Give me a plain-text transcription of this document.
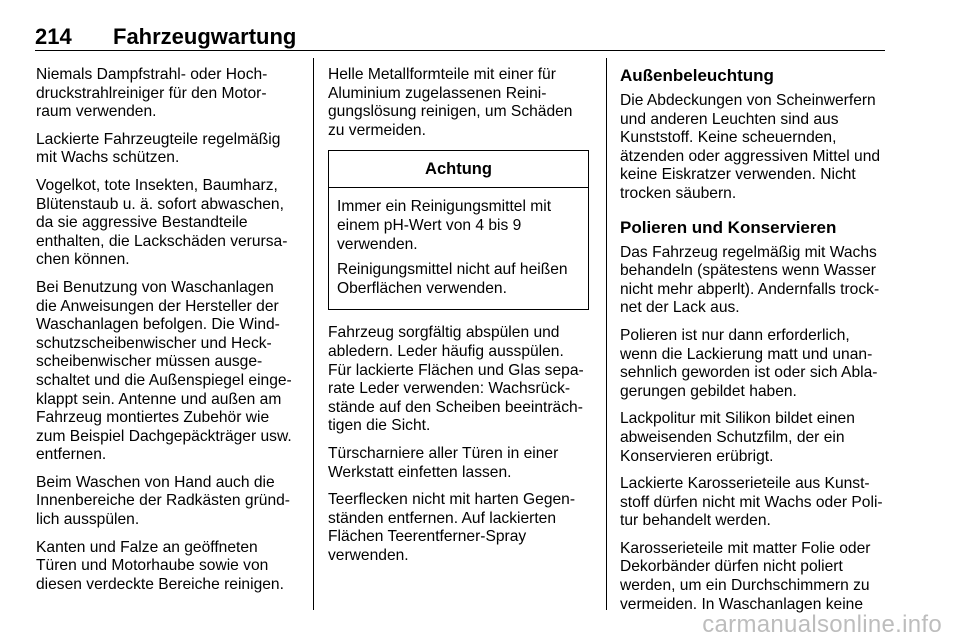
214 Fahrzeugwartung

Niemals Dampfstrahl- oder Hoch-
druckstrahlreiniger für den Motor-
raum verwenden.

Lackierte Fahrzeugteile regelmäßig
mit Wachs schützen.

Vogelkot, tote Insekten, Baumharz,
Blütenstaub u. ä. sofort abwaschen,
da sie aggressive Bestandteile
enthalten, die Lackschäden verursa-
chen können.

Bei Benutzung von Waschanlagen
die Anweisungen der Hersteller der
Waschanlagen befolgen. Die Wind-
schutzscheibenwischer und Heck-
scheibenwischer müssen ausge-
schaltet und die Außenspiegel einge-
klappt sein. Antenne und außen am
Fahrzeug montiertes Zubehör wie
zum Beispiel Dachgepäckträger usw.
entfernen.

Beim Waschen von Hand auch die
Innenbereiche der Radkästen gründ-
lich ausspülen.

Kanten und Falze an geöffneten
Türen und Motorhaube sowie von
diesen verdeckte Bereiche reinigen.

Helle Metallformteile mit einer für
Aluminium zugelassenen Reini-
gungslösung reinigen, um Schäden
zu vermeiden.

Achtung

Immer ein Reinigungsmittel mit
einem pH-Wert von 4 bis 9
verwenden.

Reinigungsmittel nicht auf heißen
Oberflächen verwenden.

Fahrzeug sorgfältig abspülen und
abledern. Leder häufig ausspülen.
Für lackierte Flächen und Glas sepa-
rate Leder verwenden: Wachsrück-
stände auf den Scheiben beeinträch-
tigen die Sicht.

Türscharniere aller Türen in einer
Werkstatt einfetten lassen.

Teerflecken nicht mit harten Gegen-
ständen entfernen. Auf lackierten
Flächen Teerentferner-Spray
verwenden.

Außenbeleuchtung

Die Abdeckungen von Scheinwerfern
und anderen Leuchten sind aus
Kunststoff. Keine scheuernden,
ätzenden oder aggressiven Mittel und
keine Eiskratzer verwenden. Nicht
trocken säubern.

Polieren und Konservieren

Das Fahrzeug regelmäßig mit Wachs
behandeln (spätestens wenn Wasser
nicht mehr abperlt). Andernfalls trock-
net der Lack aus.

Polieren ist nur dann erforderlich,
wenn die Lackierung matt und unan-
sehnlich geworden ist oder sich Abla-
gerungen gebildet haben.

Lackpolitur mit Silikon bildet einen
abweisenden Schutzfilm, der ein
Konservieren erübrigt.

Lackierte Karosserieteile aus Kunst-
stoff dürfen nicht mit Wachs oder Poli-
tur behandelt werden.

Karosserieteile mit matter Folie oder
Dekorbänder dürfen nicht poliert
werden, um ein Durchschimmern zu
vermeiden. In Waschanlagen keine

carmanualsonline.info
